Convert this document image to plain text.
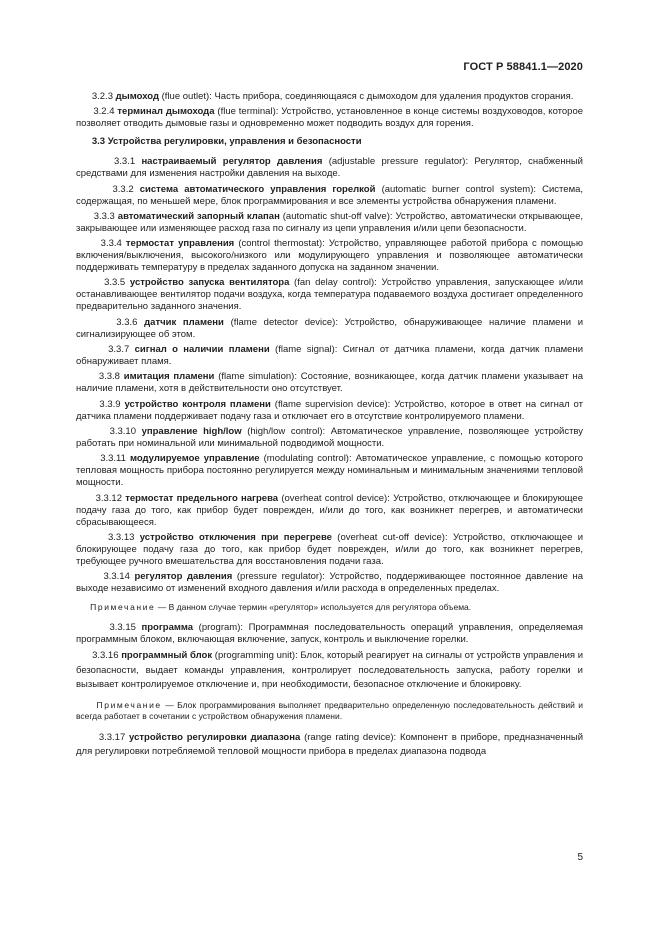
ГОСТ Р 58841.1—2020

3.2.3 дымоход (flue outlet): Часть прибора, соединяющаяся с дымоходом для удаления продуктов сгорания.

3.2.4 терминал дымохода (flue terminal): Устройство, установленное в конце системы воздуховодов, которое позволяет отводить дымовые газы и одновременно может подводить воздух для горения.

3.3 Устройства регулировки, управления и безопасности

3.3.1 настраиваемый регулятор давления (adjustable pressure regulator): Регулятор, снабженный средствами для изменения настройки давления на выходе.

3.3.2 система автоматического управления горелкой (automatic burner control system): Система, содержащая, по меньшей мере, блок программирования и все элементы устройства обнаружения пламени.

3.3.3 автоматический запорный клапан (automatic shut-off valve): Устройство, автоматически открывающее, закрывающее или изменяющее расход газа по сигналу из цепи управления и/или цепи безопасности.

3.3.4 термостат управления (control thermostat): Устройство, управляющее работой прибора с помощью включения/выключения, высокого/низкого или модулирующего управления и позволяющее автоматически поддерживать температуру в пределах заданного допуска на заданном значении.

3.3.5 устройство запуска вентилятора (fan delay control): Устройство управления, запускающее и/или останавливающее вентилятор подачи воздуха, когда температура подаваемого воздуха достигает определенного предварительно заданного значения.

3.3.6 датчик пламени (flame detector device): Устройство, обнаруживающее наличие пламени и сигнализирующее об этом.

3.3.7 сигнал о наличии пламени (flame signal): Сигнал от датчика пламени, когда датчик пламени обнаруживает пламя.

3.3.8 имитация пламени (flame simulation): Состояние, возникающее, когда датчик пламени указывает на наличие пламени, хотя в действительности оно отсутствует.

3.3.9 устройство контроля пламени (flame supervision device): Устройство, которое в ответ на сигнал от датчика пламени поддерживает подачу газа и отключает его в отсутствие контролируемого пламени.

3.3.10 управление high/low (high/low control): Автоматическое управление, позволяющее устройству работать при номинальной или минимальной подводимой мощности.

3.3.11 модулируемое управление (modulating control): Автоматическое управление, с помощью которого тепловая мощность прибора постоянно регулируется между номинальным и минимальным значениями тепловой мощности.

3.3.12 термостат предельного нагрева (overheat control device): Устройство, отключающее и блокирующее подачу газа до того, как прибор будет поврежден, и/или до того, как возникнет перегрев, и автоматически сбрасывающееся.

3.3.13 устройство отключения при перегреве (overheat cut-off device): Устройство, отключающее и блокирующее подачу газа до того, как прибор будет поврежден, и/или до того, как возникнет перегрев, требующее ручного вмешательства для восстановления подачи газа.

3.3.14 регулятор давления (pressure regulator): Устройство, поддерживающее постоянное давление на выходе независимо от изменений входного давления и/или расхода в определенных пределах.

Примечание — В данном случае термин «регулятор» используется для регулятора объема.

3.3.15 программа (program): Программная последовательность операций управления, определяемая программным блоком, включающая включение, запуск, контроль и выключение горелки.

3.3.16 программный блок (programming unit): Блок, который реагирует на сигналы от устройств управления и безопасности, выдает команды управления, контролирует последовательность запуска, работу горелки и вызывает контролируемое отключение и, при необходимости, безопасное отключение и блокировку.

Примечание — Блок программирования выполняет предварительно определенную последовательность действий и всегда работает в сочетании с устройством обнаружения пламени.

3.3.17 устройство регулировки диапазона (range rating device): Компонент в приборе, предназначенный для регулировки потребляемой тепловой мощности прибора в пределах диапазона подвода

5
